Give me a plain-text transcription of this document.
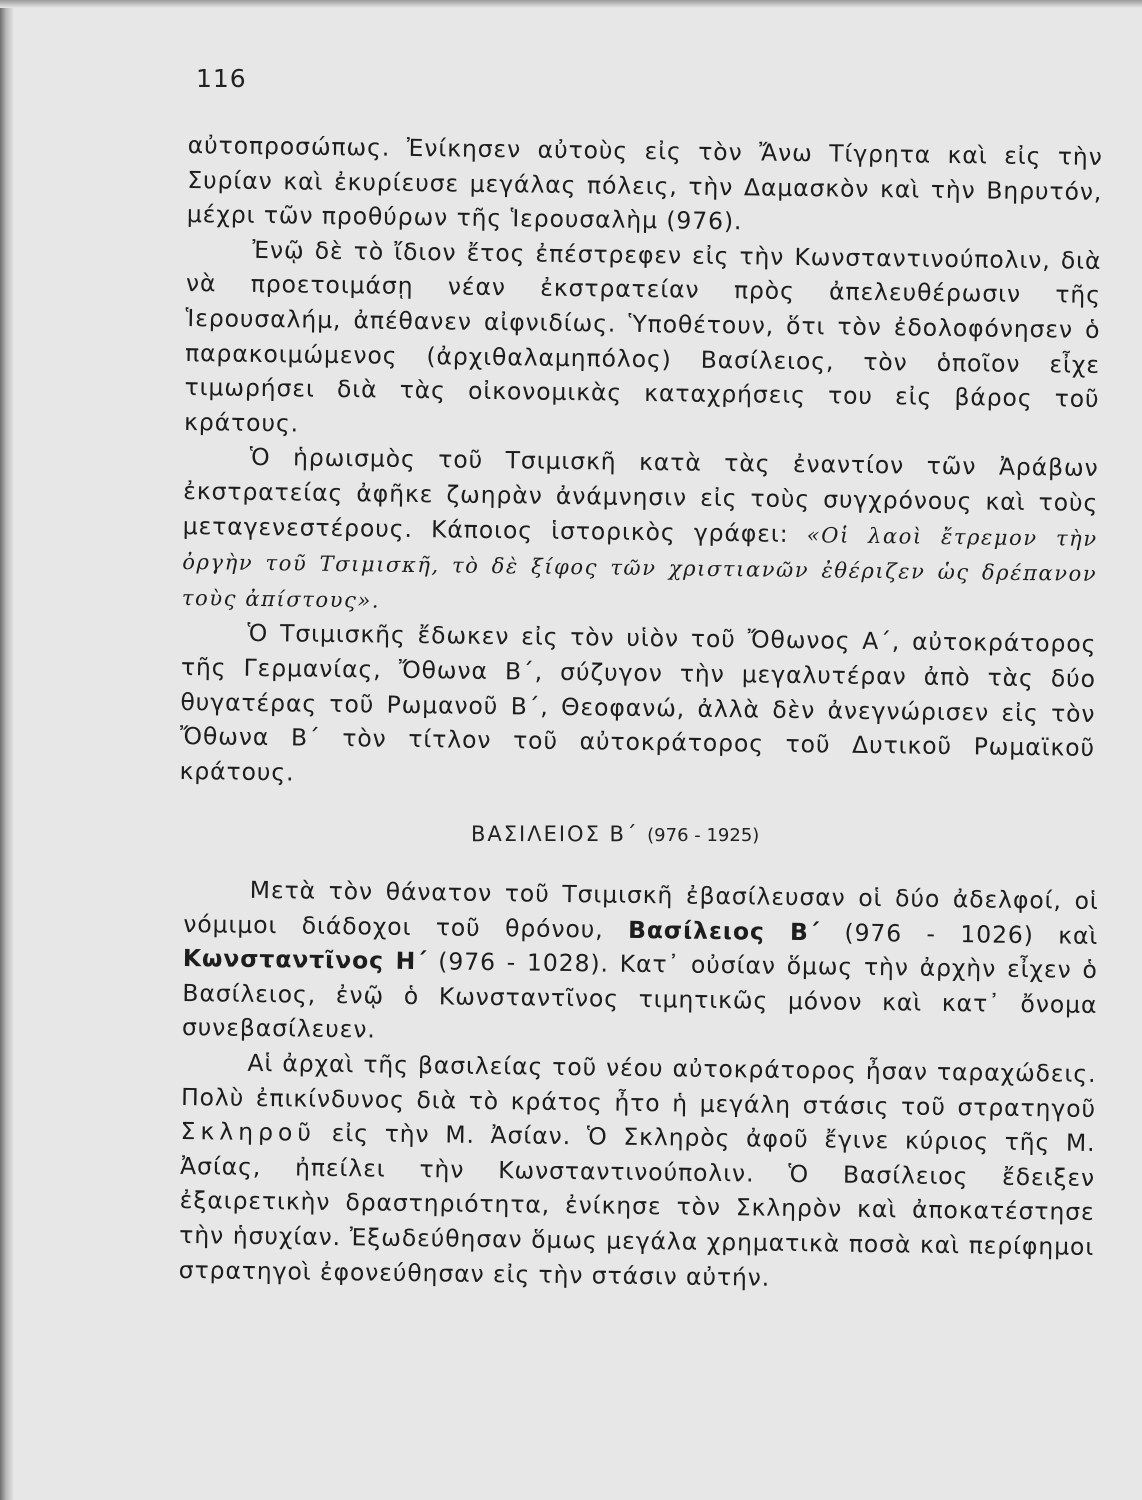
116

αὐτοπροσώπως. Ἐνίκησεν αὐτοὺς εἰς τὸν Ἄνω Τίγρητα καὶ εἰς τὴν Συρίαν καὶ ἐκυρίευσε μεγάλας πόλεις, τὴν Δαμασκὸν καὶ τὴν Βηρυτόν, μέχρι τῶν προθύρων τῆς Ἱερουσαλὴμ (976).

Ἐνῷ δὲ τὸ ἴδιον ἔτος ἐπέστρεφεν εἰς τὴν Κωνσταντινούπολιν, διὰ νὰ προετοιμάσῃ νέαν ἐκστρατείαν πρὸς ἀπελευθέρωσιν τῆς Ἱερουσαλήμ, ἀπέθανεν αἰφνιδίως. Ὑποθέτουν, ὅτι τὸν ἐδολοφόνησεν ὁ παρακοιμώμενος (ἀρχιθαλαμηπόλος) Βασίλειος, τὸν ὁποῖον εἶχε τιμωρήσει διὰ τὰς οἰκονομικὰς καταχρήσεις του εἰς βάρος τοῦ κράτους.

Ὁ ἡρωισμὸς τοῦ Τσιμισκῆ κατὰ τὰς ἐναντίον τῶν Ἀράβων ἐκστρατείας ἀφῆκε ζωηρὰν ἀνάμνησιν εἰς τοὺς συγχρόνους καὶ τοὺς μεταγενεστέρους. Κάποιος ἱστορικὸς γράφει: «Οἱ λαοὶ ἔτρεμον τὴν ὀργὴν τοῦ Τσιμισκῆ, τὸ δὲ ξίφος τῶν χριστιανῶν ἐθέριζεν ὡς δρέπανον τοὺς ἀπίστους».

Ὁ Τσιμισκῆς ἔδωκεν εἰς τὸν υἱὸν τοῦ Ὄθωνος Α΄, αὐτοκράτορος τῆς Γερμανίας, Ὄθωνα Β΄, σύζυγον τὴν μεγαλυτέραν ἀπὸ τὰς δύο θυγατέρας τοῦ Ρωμανοῦ Β΄, Θεοφανώ, ἀλλὰ δὲν ἀνεγνώρισεν εἰς τὸν Ὄθωνα Β΄ τὸν τίτλον τοῦ αὐτοκράτορος τοῦ Δυτικοῦ Ρωμαϊκοῦ κράτους.

ΒΑΣΙΛΕΙΟΣ Β΄ (976 - 1925)

Μετὰ τὸν θάνατον τοῦ Τσιμισκῆ ἐβασίλευσαν οἱ δύο ἀδελφοί, οἱ νόμιμοι διάδοχοι τοῦ θρόνου, Βασίλειος Β΄ (976 - 1026) καὶ Κωνσταντῖνος Η΄ (976 - 1028). Κατ᾽ οὐσίαν ὅμως τὴν ἀρχὴν εἶχεν ὁ Βασίλειος, ἐνῷ ὁ Κωνσταντῖνος τιμητικῶς μόνον καὶ κατ᾽ ὄνομα συνεβασίλευεν.

Αἱ ἀρχαὶ τῆς βασιλείας τοῦ νέου αὐτοκράτορος ἦσαν ταραχώδεις. Πολὺ ἐπικίνδυνος διὰ τὸ κράτος ἦτο ἡ μεγάλη στάσις τοῦ στρατηγοῦ Σκληροῦ εἰς τὴν Μ. Ἀσίαν. Ὁ Σκληρὸς ἀφοῦ ἔγινε κύριος τῆς Μ. Ἀσίας, ἠπείλει τὴν Κωνσταντινούπολιν. Ὁ Βασίλειος ἔδειξεν ἐξαιρετικὴν δραστηριότητα, ἐνίκησε τὸν Σκληρὸν καὶ ἀποκατέστησε τὴν ἡσυχίαν. Ἐξωδεύθησαν ὅμως μεγάλα χρηματικὰ ποσὰ καὶ περίφημοι στρατηγοὶ ἐφονεύθησαν εἰς τὴν στάσιν αὐτήν.
